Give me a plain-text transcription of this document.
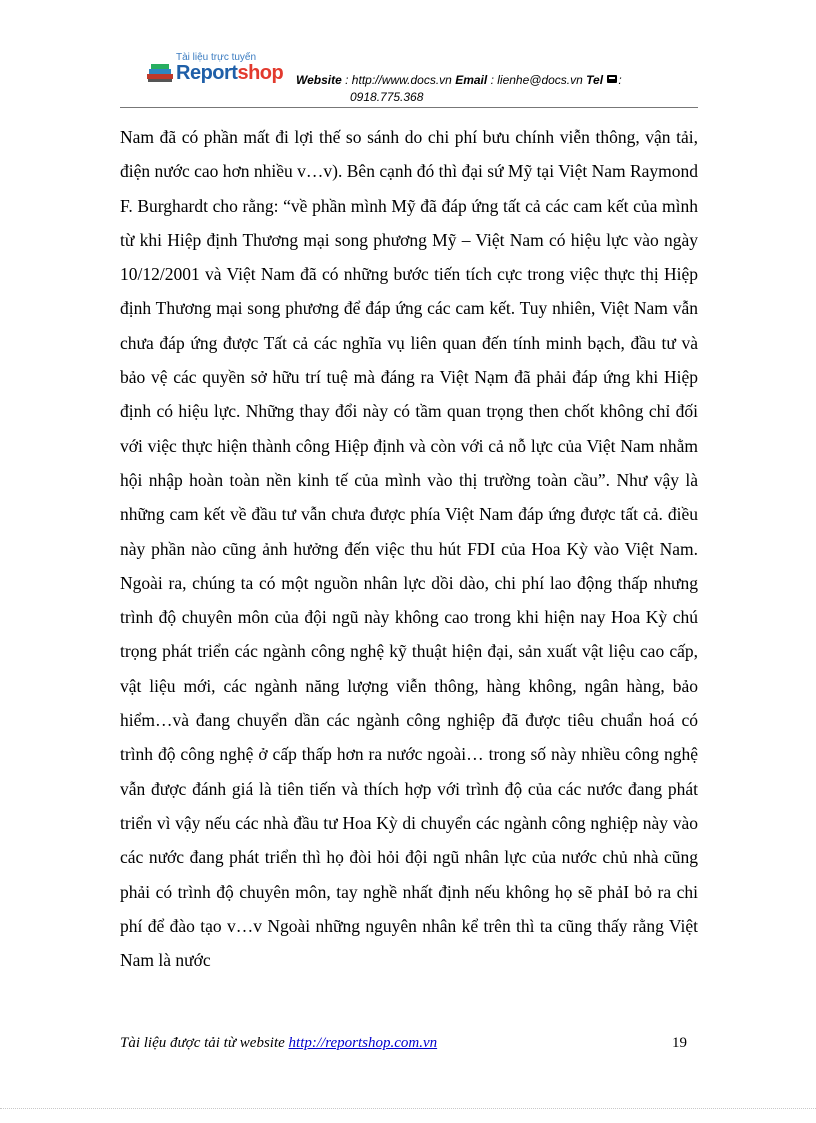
Tài liệu trực tuyến
Reportshop Website : http://www.docs.vn Email : lienhe@docs.vn Tel :
0918.775.368

Nam đã có phần mất đi lợi thế so sánh do chi phí bưu chính viễn thông, vận tải, điện nước cao hơn nhiều v…v). Bên cạnh đó thì đại sứ Mỹ tại Việt Nam Raymond F. Burghardt cho rằng: “về phần mình Mỹ đã đáp ứng tất cả các cam kết của mình từ khi Hiệp định Thương mại song phương Mỹ – Việt Nam có hiệu lực vào ngày 10/12/2001 và Việt Nam đã có những bước tiến tích cực trong việc thực thị Hiệp định Thương mại song phương để đáp ứng các cam kết. Tuy nhiên, Việt Nam vẫn chưa đáp ứng được Tất cả các nghĩa vụ liên quan đến tính minh bạch, đầu tư và bảo vệ các quyền sở hữu trí tuệ mà đáng ra Việt Nạm đã phải đáp ứng khi Hiệp định có hiệu lực. Những thay đổi này có tầm quan trọng then chốt không chỉ đối với việc thực hiện thành công Hiệp định và còn với cả nỗ lực của Việt Nam nhằm hội nhập hoàn toàn nền kinh tế của mình vào thị trường toàn cầu”. Như vậy là những cam kết về đầu tư vẫn chưa được phía Việt Nam đáp ứng được tất cả. điều này phần nào cũng ảnh hưởng đến việc thu hút FDI của Hoa Kỳ vào Việt Nam. Ngoài ra, chúng ta có một nguồn nhân lực dồi dào, chi phí lao động thấp nhưng trình độ chuyên môn của đội ngũ này không cao trong khi hiện nay Hoa Kỳ chú trọng phát triển các ngành công nghệ kỹ thuật hiện đại, sản xuất vật liệu cao cấp, vật liệu mới, các ngành năng lượng viễn thông, hàng không, ngân hàng, bảo hiểm…và đang chuyển dần các ngành công nghiệp đã được tiêu chuẩn hoá có trình độ công nghệ ở cấp thấp hơn ra nước ngoài… trong số này nhiều công nghệ vẫn được đánh giá là tiên tiến và thích hợp với trình độ của các nước đang phát triển vì vậy nếu các nhà đầu tư Hoa Kỳ di chuyển các ngành công nghiệp này vào các nước đang phát triển thì họ đòi hỏi đội ngũ nhân lực của nước chủ nhà cũng phải có trình độ chuyên môn, tay nghề nhất định nếu không họ sẽ phảI bỏ ra chi phí để đào tạo v…v Ngoài những nguyên nhân kể trên thì ta cũng thấy rằng Việt Nam là nước

Tài liệu được tải từ website http://reportshop.com.vn	19
